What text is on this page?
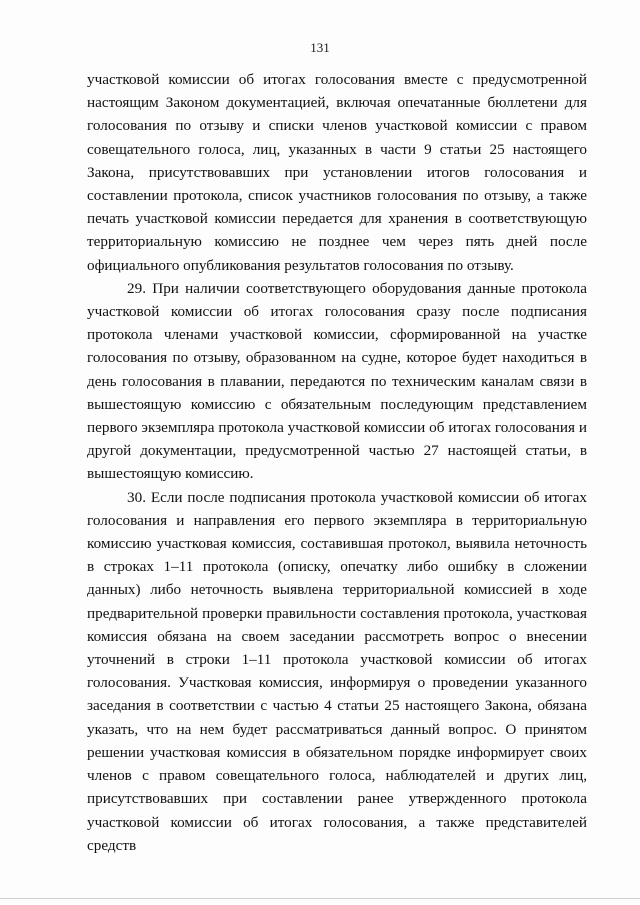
131

участковой комиссии об итогах голосования вместе с предусмотренной настоящим Законом документацией, включая опечатанные бюллетени для голосования по отзыву и списки членов участковой комиссии с правом совещательного голоса, лиц, указанных в части 9 статьи 25 настоящего Закона, присутствовавших при установлении итогов голосования и составлении протокола, список участников голосования по отзыву, а также печать участковой комиссии передается для хранения в соответствующую территориальную комиссию не позднее чем через пять дней после официального опубликования результатов голосования по отзыву.

29. При наличии соответствующего оборудования данные протокола участковой комиссии об итогах голосования сразу после подписания протокола членами участковой комиссии, сформированной на участке голосования по отзыву, образованном на судне, которое будет находиться в день голосования в плавании, передаются по техническим каналам связи в вышестоящую комиссию с обязательным последующим представлением первого экземпляра протокола участковой комиссии об итогах голосования и другой документации, предусмотренной частью 27 настоящей статьи, в вышестоящую комиссию.

30. Если после подписания протокола участковой комиссии об итогах голосования и направления его первого экземпляра в территориальную комиссию участковая комиссия, составившая протокол, выявила неточность в строках 1–11 протокола (описку, опечатку либо ошибку в сложении данных) либо неточность выявлена территориальной комиссией в ходе предварительной проверки правильности составления протокола, участковая комиссия обязана на своем заседании рассмотреть вопрос о внесении уточнений в строки 1–11 протокола участковой комиссии об итогах голосования. Участковая комиссия, информируя о проведении указанного заседания в соответствии с частью 4 статьи 25 настоящего Закона, обязана указать, что на нем будет рассматриваться данный вопрос. О принятом решении участковая комиссия в обязательном порядке информирует своих членов с правом совещательного голоса, наблюдателей и других лиц, присутствовавших при составлении ранее утвержденного протокола участковой комиссии об итогах голосования, а также представителей средств
